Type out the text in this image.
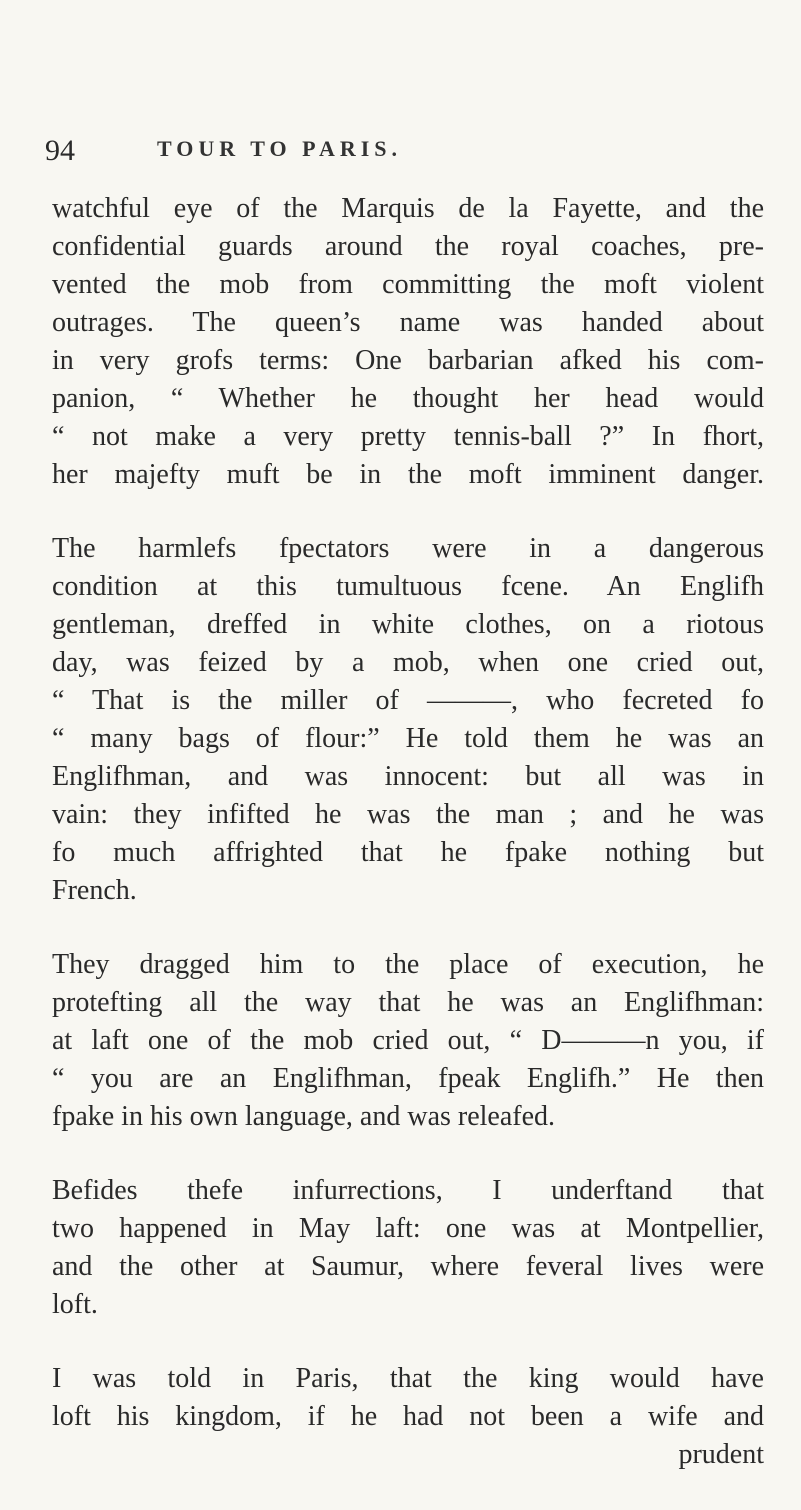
94	TOUR TO PARIS.
watchful eye of the Marquis de la Fayette, and the
confidential guards around the royal coaches, pre-
vented the mob from committing the moft violent
outrages. The queen’s name was handed about
in very grofs terms: One barbarian afked his com-
panion, “ Whether he thought her head would
“ not make a very pretty tennis-ball ?” In fhort,
her majefty muft be in the moft imminent danger.
The harmlefs fpectators were in a dangerous
condition at this tumultuous fcene. An Englifh
gentleman, dreffed in white clothes, on a riotous
day, was feized by a mob, when one cried out,
“ That is the miller of ———, who fecreted fo
“ many bags of flour:” He told them he was an
Englifhman, and was innocent: but all was in
vain: they infifted he was the man ; and he was
fo much affrighted that he fpake nothing but
French.
They dragged him to the place of execution, he
protefting all the way that he was an Englifhman:
at laft one of the mob cried out, “ D———n you, if
“ you are an Englifhman, fpeak Englifh.” He then
fpake in his own language, and was releafed.
Befides thefe infurrections, I underftand that
two happened in May laft: one was at Montpellier,
and the other at Saumur, where feveral lives were
loft.
I was told in Paris, that the king would have
loft his kingdom, if he had not been a wife and
prudent
